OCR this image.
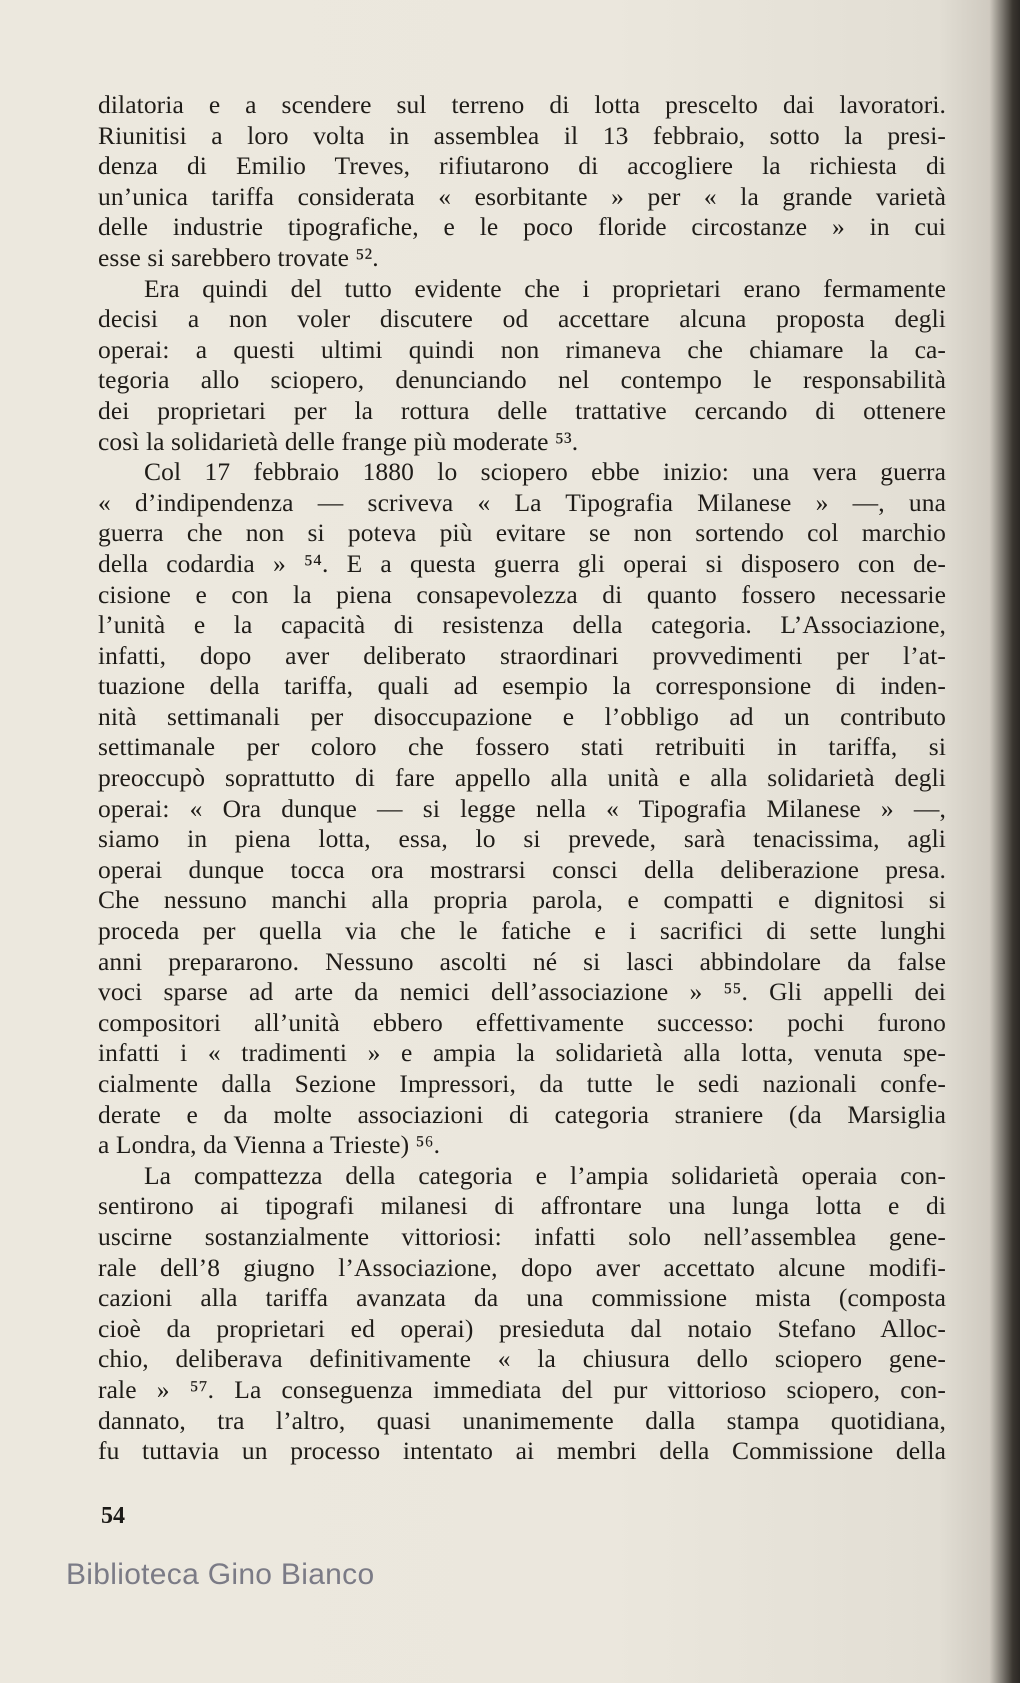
dilatoria e a scendere sul terreno di lotta prescelto dai lavoratori.
Riunitisi a loro volta in assemblea il 13 febbraio, sotto la presi-
denza di Emilio Treves, rifiutarono di accogliere la richiesta di
un’unica tariffa considerata « esorbitante » per « la grande varietà
delle industrie tipografiche, e le poco floride circostanze » in cui
esse si sarebbero trovate ⁵².
Era quindi del tutto evidente che i proprietari erano fermamente
decisi a non voler discutere od accettare alcuna proposta degli
operai: a questi ultimi quindi non rimaneva che chiamare la ca-
tegoria allo sciopero, denunciando nel contempo le responsabilità
dei proprietari per la rottura delle trattative cercando di ottenere
così la solidarietà delle frange più moderate ⁵³.
Col 17 febbraio 1880 lo sciopero ebbe inizio: una vera guerra
« d’indipendenza — scriveva « La Tipografia Milanese » —, una
guerra che non si poteva più evitare se non sortendo col marchio
della codardia » ⁵⁴. E a questa guerra gli operai si disposero con de-
cisione e con la piena consapevolezza di quanto fossero necessarie
l’unità e la capacità di resistenza della categoria. L’Associazione,
infatti, dopo aver deliberato straordinari provvedimenti per l’at-
tuazione della tariffa, quali ad esempio la corresponsione di inden-
nità settimanali per disoccupazione e l’obbligo ad un contributo
settimanale per coloro che fossero stati retribuiti in tariffa, si
preoccupò soprattutto di fare appello alla unità e alla solidarietà degli
operai: « Ora dunque — si legge nella « Tipografia Milanese » —,
siamo in piena lotta, essa, lo si prevede, sarà tenacissima, agli
operai dunque tocca ora mostrarsi consci della deliberazione presa.
Che nessuno manchi alla propria parola, e compatti e dignitosi si
proceda per quella via che le fatiche e i sacrifici di sette lunghi
anni prepararono. Nessuno ascolti né si lasci abbindolare da false
voci sparse ad arte da nemici dell’associazione » ⁵⁵. Gli appelli dei
compositori all’unità ebbero effettivamente successo: pochi furono
infatti i « tradimenti » e ampia la solidarietà alla lotta, venuta spe-
cialmente dalla Sezione Impressori, da tutte le sedi nazionali confe-
derate e da molte associazioni di categoria straniere (da Marsiglia
a Londra, da Vienna a Trieste) ⁵⁶.
La compattezza della categoria e l’ampia solidarietà operaia con-
sentirono ai tipografi milanesi di affrontare una lunga lotta e di
uscirne sostanzialmente vittoriosi: infatti solo nell’assemblea gene-
rale dell’8 giugno l’Associazione, dopo aver accettato alcune modifi-
cazioni alla tariffa avanzata da una commissione mista (composta
cioè da proprietari ed operai) presieduta dal notaio Stefano Alloc-
chio, deliberava definitivamente « la chiusura dello sciopero gene-
rale » ⁵⁷. La conseguenza immediata del pur vittorioso sciopero, con-
dannato, tra l’altro, quasi unanimemente dalla stampa quotidiana,
fu tuttavia un processo intentato ai membri della Commissione della
54
Biblioteca Gino Bianco
